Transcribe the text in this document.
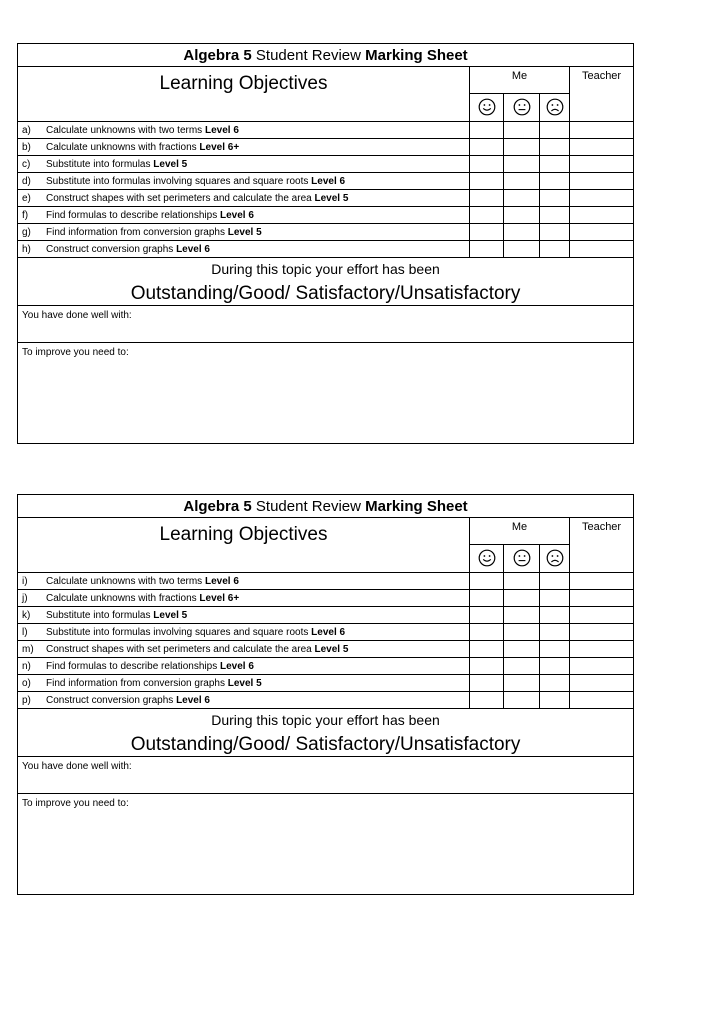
Algebra 5 Student Review Marking Sheet				
Learning Objectives	Me			Teacher

a) Calculate unknowns with two terms Level 6				
b) Calculate unknowns with fractions Level 6+				
c) Substitute into formulas Level 5				
d) Substitute into formulas involving squares and square roots Level 6				
e) Construct shapes with set perimeters and calculate the area Level 5				
f) Find formulas to describe relationships Level 6				
g) Find information from conversion graphs Level 5				
h) Construct conversion graphs Level 6				

During this topic your effort has been
Outstanding/Good/ Satisfactory/Unsatisfactory				

You have done well with:				
To improve you need to:				
Algebra 5 Student Review Marking Sheet				
Learning Objectives	Me			Teacher

i) Calculate unknowns with two terms Level 6				
j) Calculate unknowns with fractions Level 6+				
k) Substitute into formulas Level 5				
l) Substitute into formulas involving squares and square roots Level 6				
m) Construct shapes with set perimeters and calculate the area Level 5				
n) Find formulas to describe relationships Level 6				
o) Find information from conversion graphs Level 5				
p) Construct conversion graphs Level 6				

During this topic your effort has been
Outstanding/Good/ Satisfactory/Unsatisfactory				

You have done well with:				
To improve you need to:				
